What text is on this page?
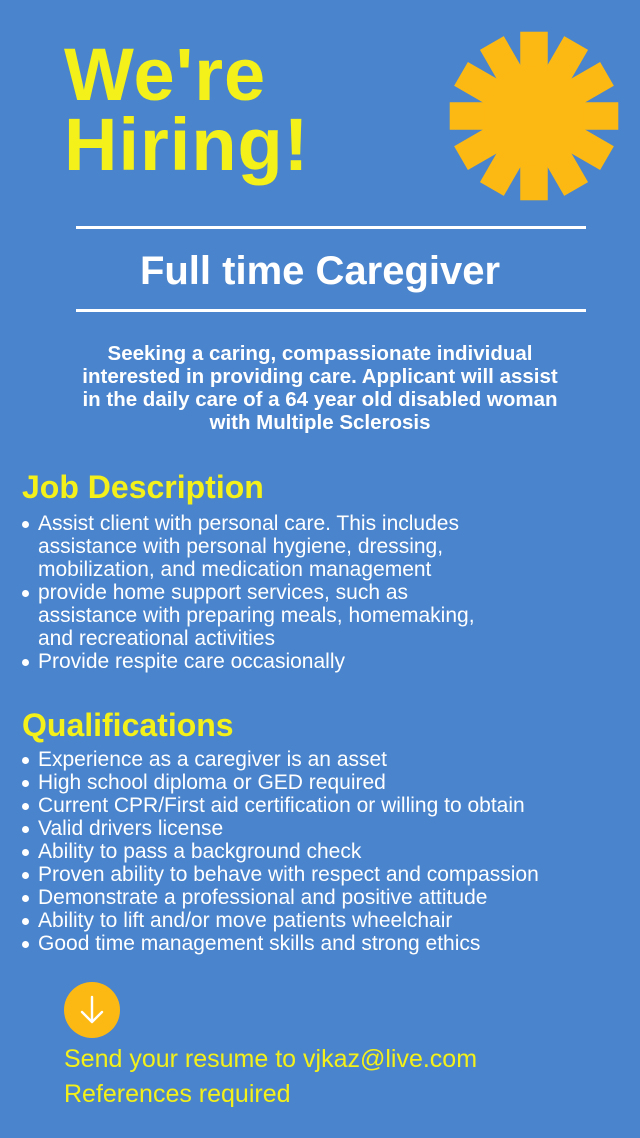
We're
Hiring!
Full time Caregiver
Seeking a caring, compassionate individual
interested in providing care. Applicant will assist
in the daily care of a 64 year old disabled woman
with Multiple Sclerosis
Job Description
Assist client with personal care. This includes
assistance with personal hygiene, dressing,
mobilization, and medication management
provide home support services, such as
assistance with preparing meals, homemaking,
and recreational activities
Provide respite care occasionally
Qualifications
Experience as a caregiver is an asset
High school diploma or GED required
Current CPR/First aid certification or willing to obtain
Valid drivers license
Ability to pass a background check
Proven ability to behave with respect and compassion
Demonstrate a professional and positive attitude
Ability to lift and/or move patients wheelchair
Good time management skills and strong ethics
Send your resume to vjkaz@live.com
References required
